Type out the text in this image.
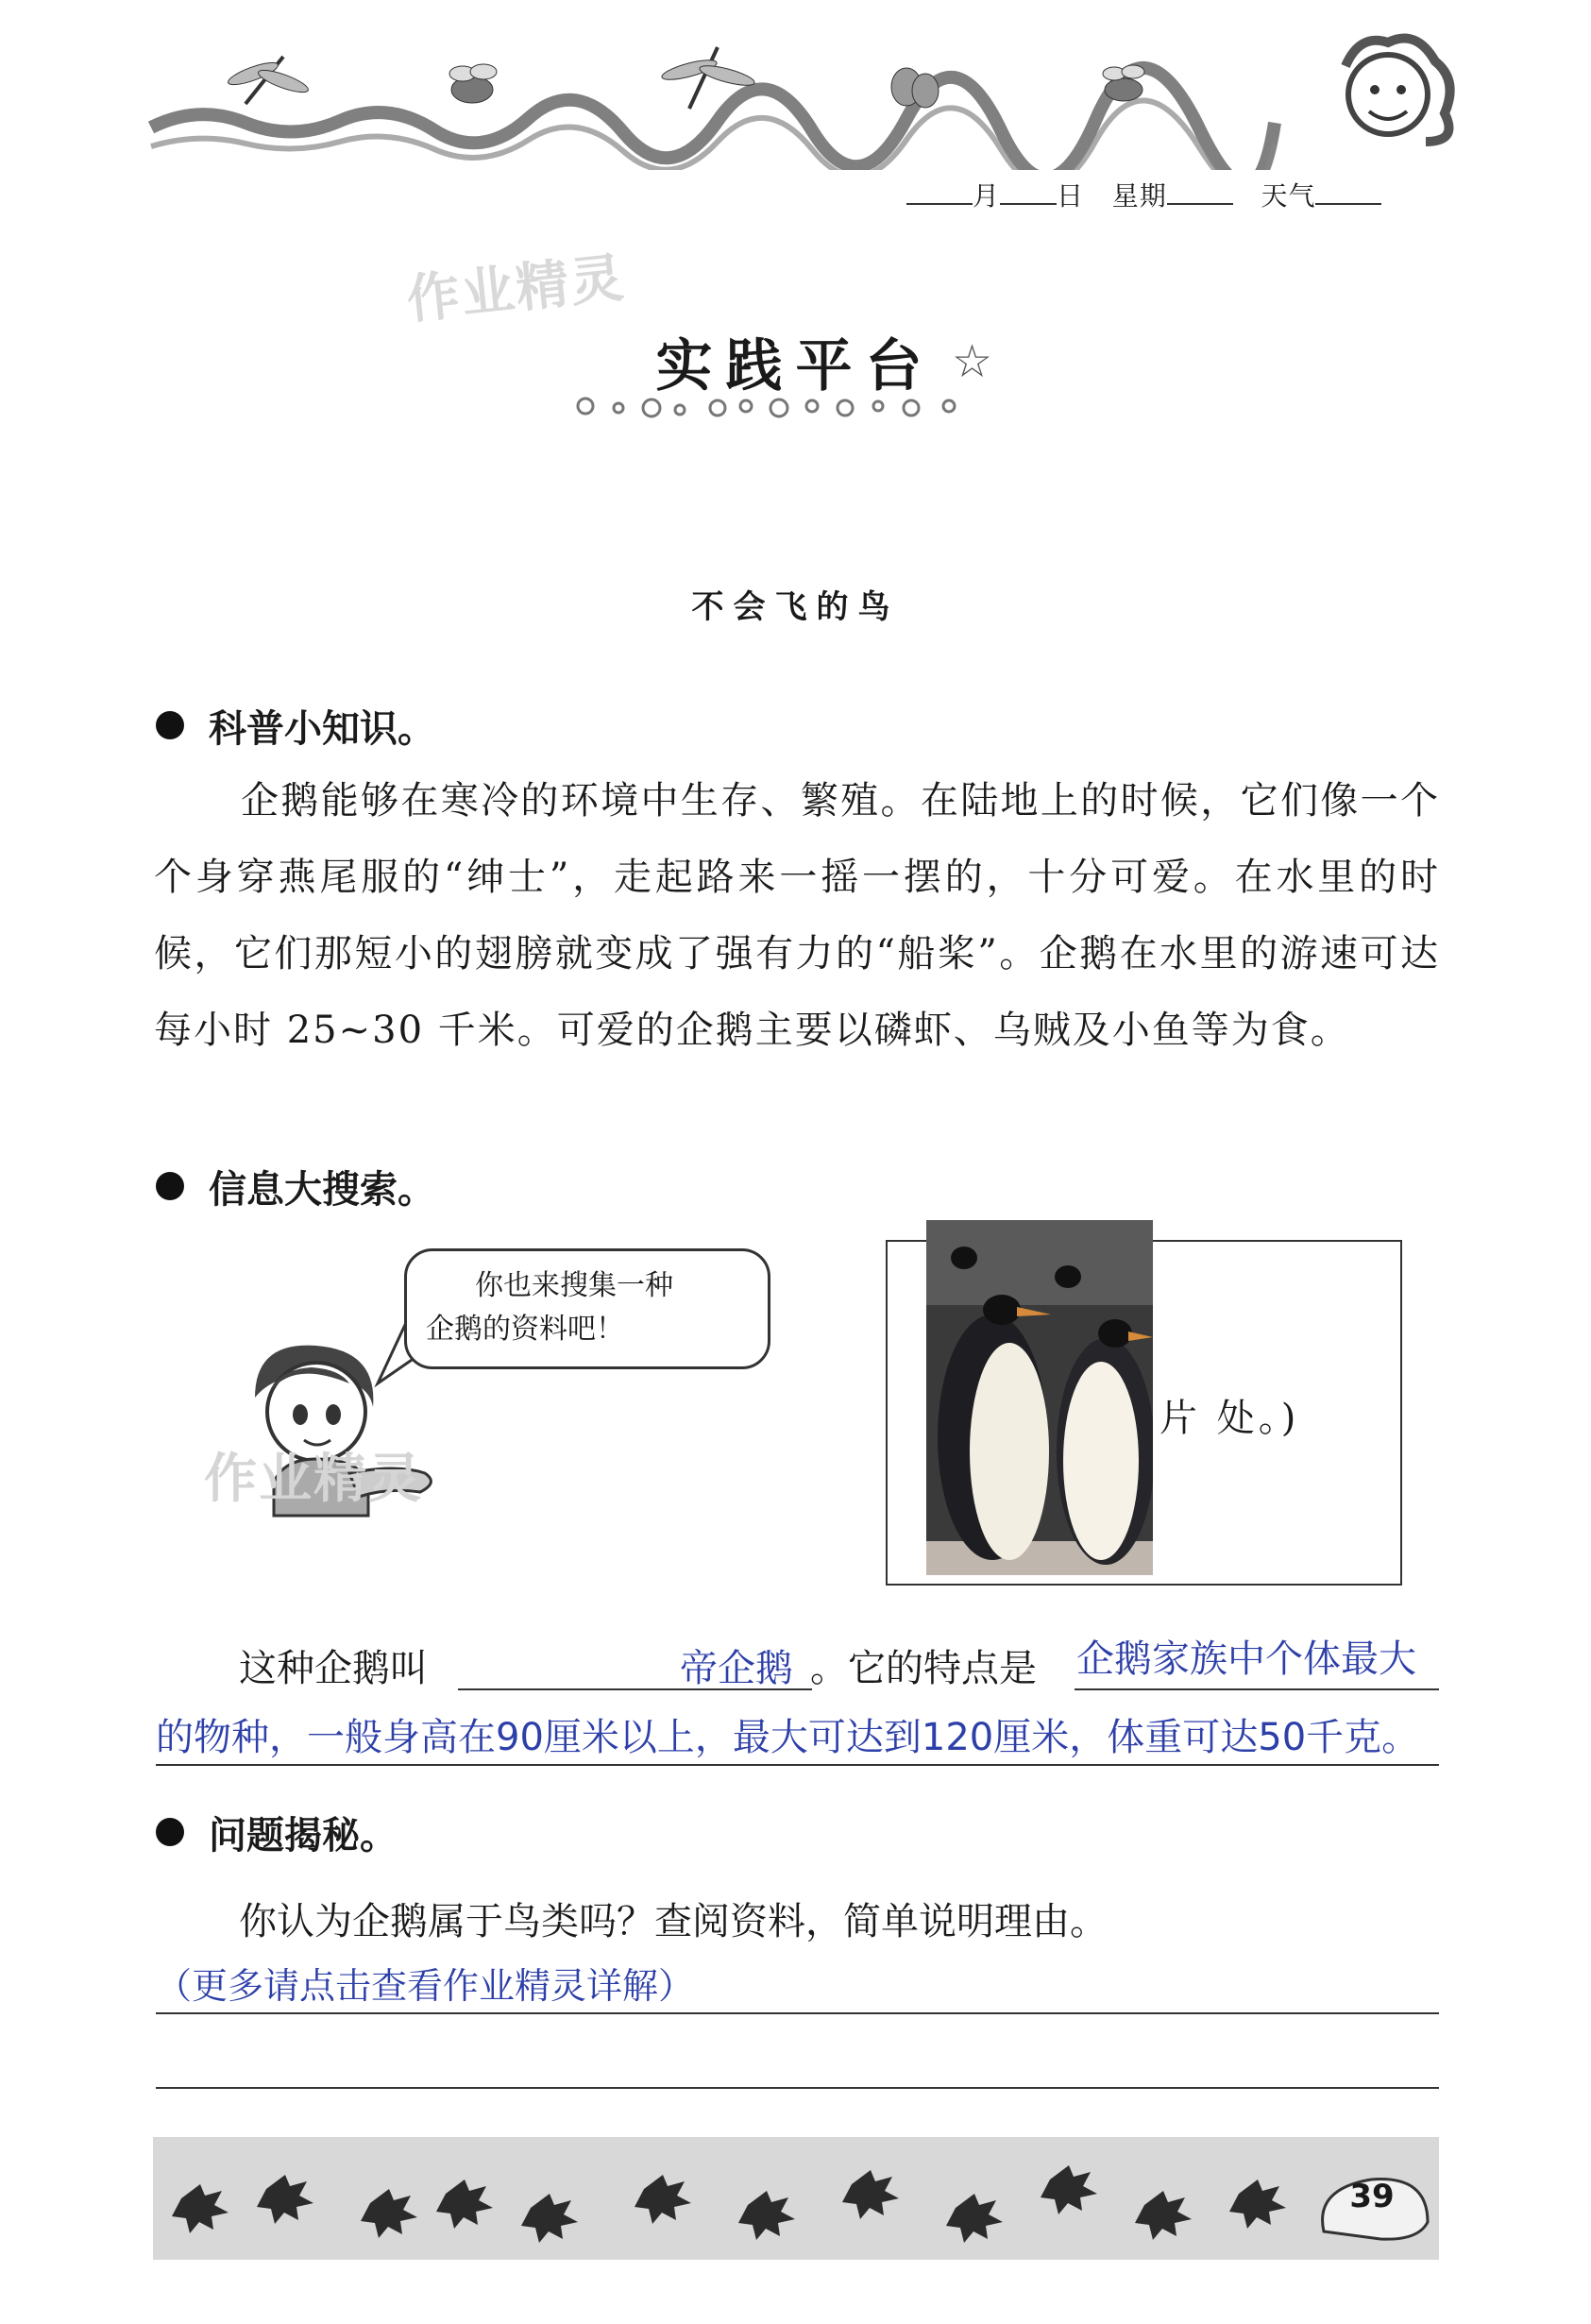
月 日 星期	天气
作业精灵
实践平台 ☆
不会飞的鸟
科普小知识。
企鹅能够在寒冷的环境中生存、繁殖。在陆地上的时候，它们像一个个身穿燕尾服的“绅士”，走起路来一摇一摆的，十分可爱。在水里的时候，它们那短小的翅膀就变成了强有力的“船桨”。企鹅在水里的游速可达每小时 25~30 千米。可爱的企鹅主要以磷虾、乌贼及小鱼等为食。
信息大搜索。
你也来搜集一种
企鹅的资料吧！
作业精灵
片 处。)
这种企鹅叫	帝企鹅 。它的特点是 企鹅家族中个体最大
的物种，一般身高在90厘米以上，最大可达到120厘米，体重可达50千克。
问题揭秘。
你认为企鹅属于鸟类吗？查阅资料，简单说明理由。
（更多请点击查看作业精灵详解）
39
